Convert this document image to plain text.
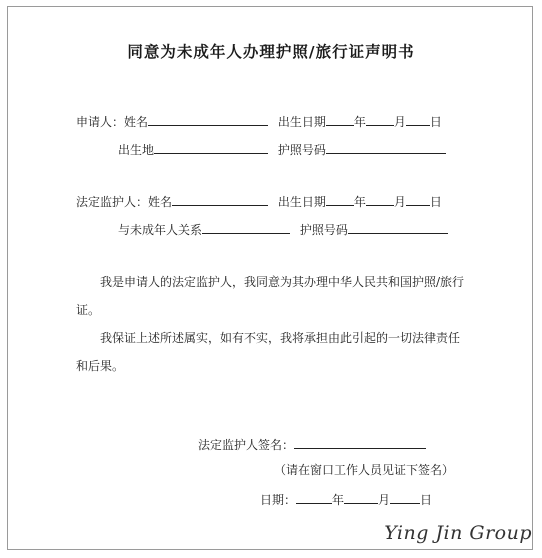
同意为未成年人办理护照/旅行证声明书
申请人：姓名	出生日期 年 月 日
出生地	护照号码
法定监护人：姓名	出生日期 年 月 日
与未成年人关系	护照号码

我是申请人的法定监护人，我同意为其办理中华人民共和国护照/旅行证。

我保证上述所述属实，如有不实，我将承担由此引起的一切法律责任和后果。

法定监护人签名：
（请在窗口工作人员见证下签名）
日期：	年	月	日
Ying Jin Group
